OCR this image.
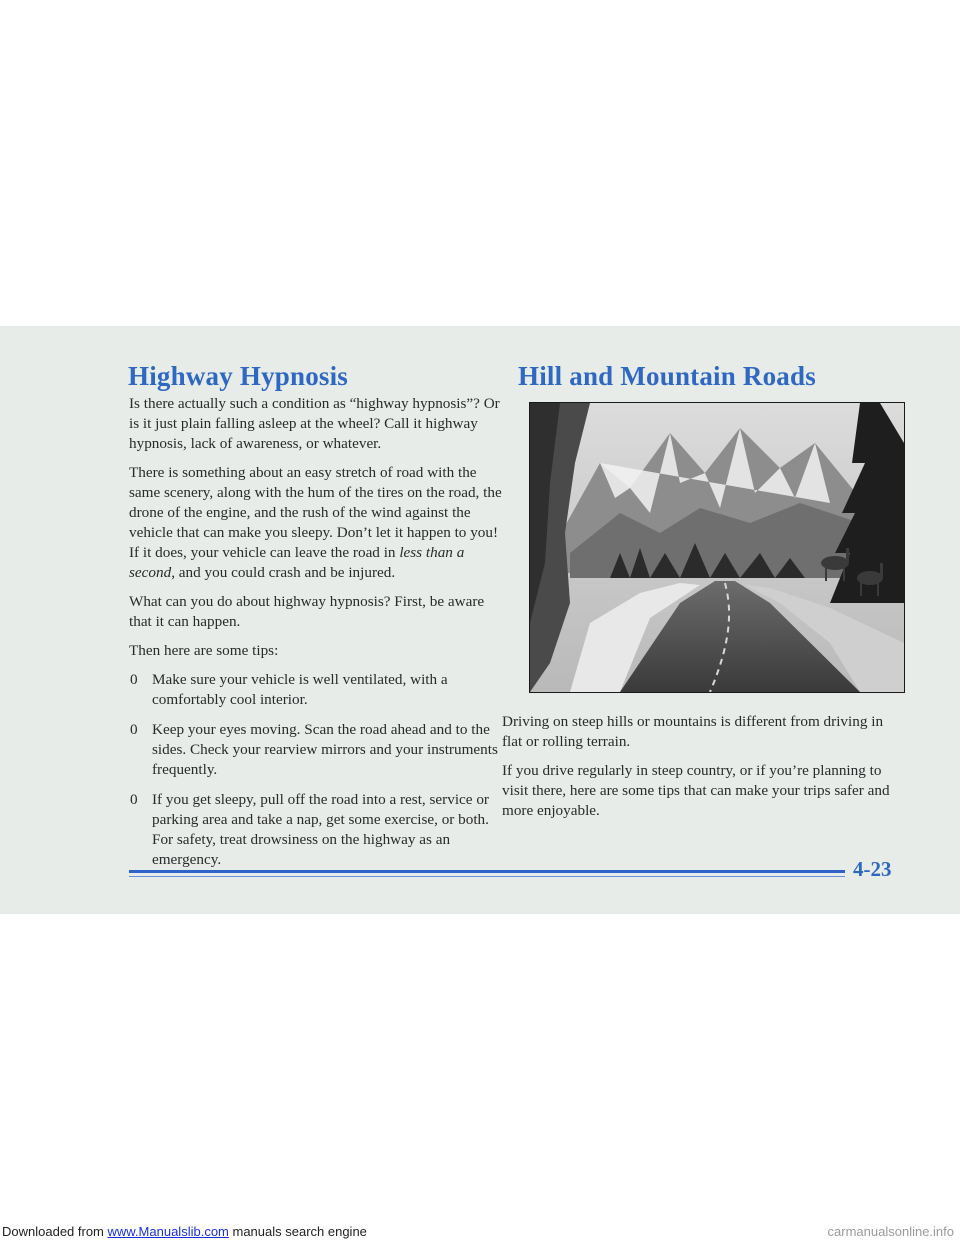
Highway Hypnosis

Is there actually such a condition as “highway hypnosis”? Or is it just plain falling asleep at the wheel? Call it highway hypnosis, lack of awareness, or whatever.

There is something about an easy stretch of road with the same scenery, along with the hum of the tires on the road, the drone of the engine, and the rush of the wind against the vehicle that can make you sleepy. Don’t let it happen to you! If it does, your vehicle can leave the road in less than a second, and you could crash and be injured.

What can you do about highway hypnosis? First, be aware that it can happen.

Then here are some tips:

0 Make sure your vehicle is well ventilated, with a comfortably cool interior.
0 Keep your eyes moving. Scan the road ahead and to the sides. Check your rearview mirrors and your instruments frequently.
0 If you get sleepy, pull off the road into a rest, service or parking area and take a nap, get some exercise, or both. For safety, treat drowsiness on the highway as an emergency.
Hill and Mountain Roads

Driving on steep hills or mountains is different from driving in flat or rolling terrain.

If you drive regularly in steep country, or if you’re planning to visit there, here are some tips that can make your trips safer and more enjoyable.

4-23

Downloaded from www.Manualslib.com manuals search engine	carmanualsonline.info
